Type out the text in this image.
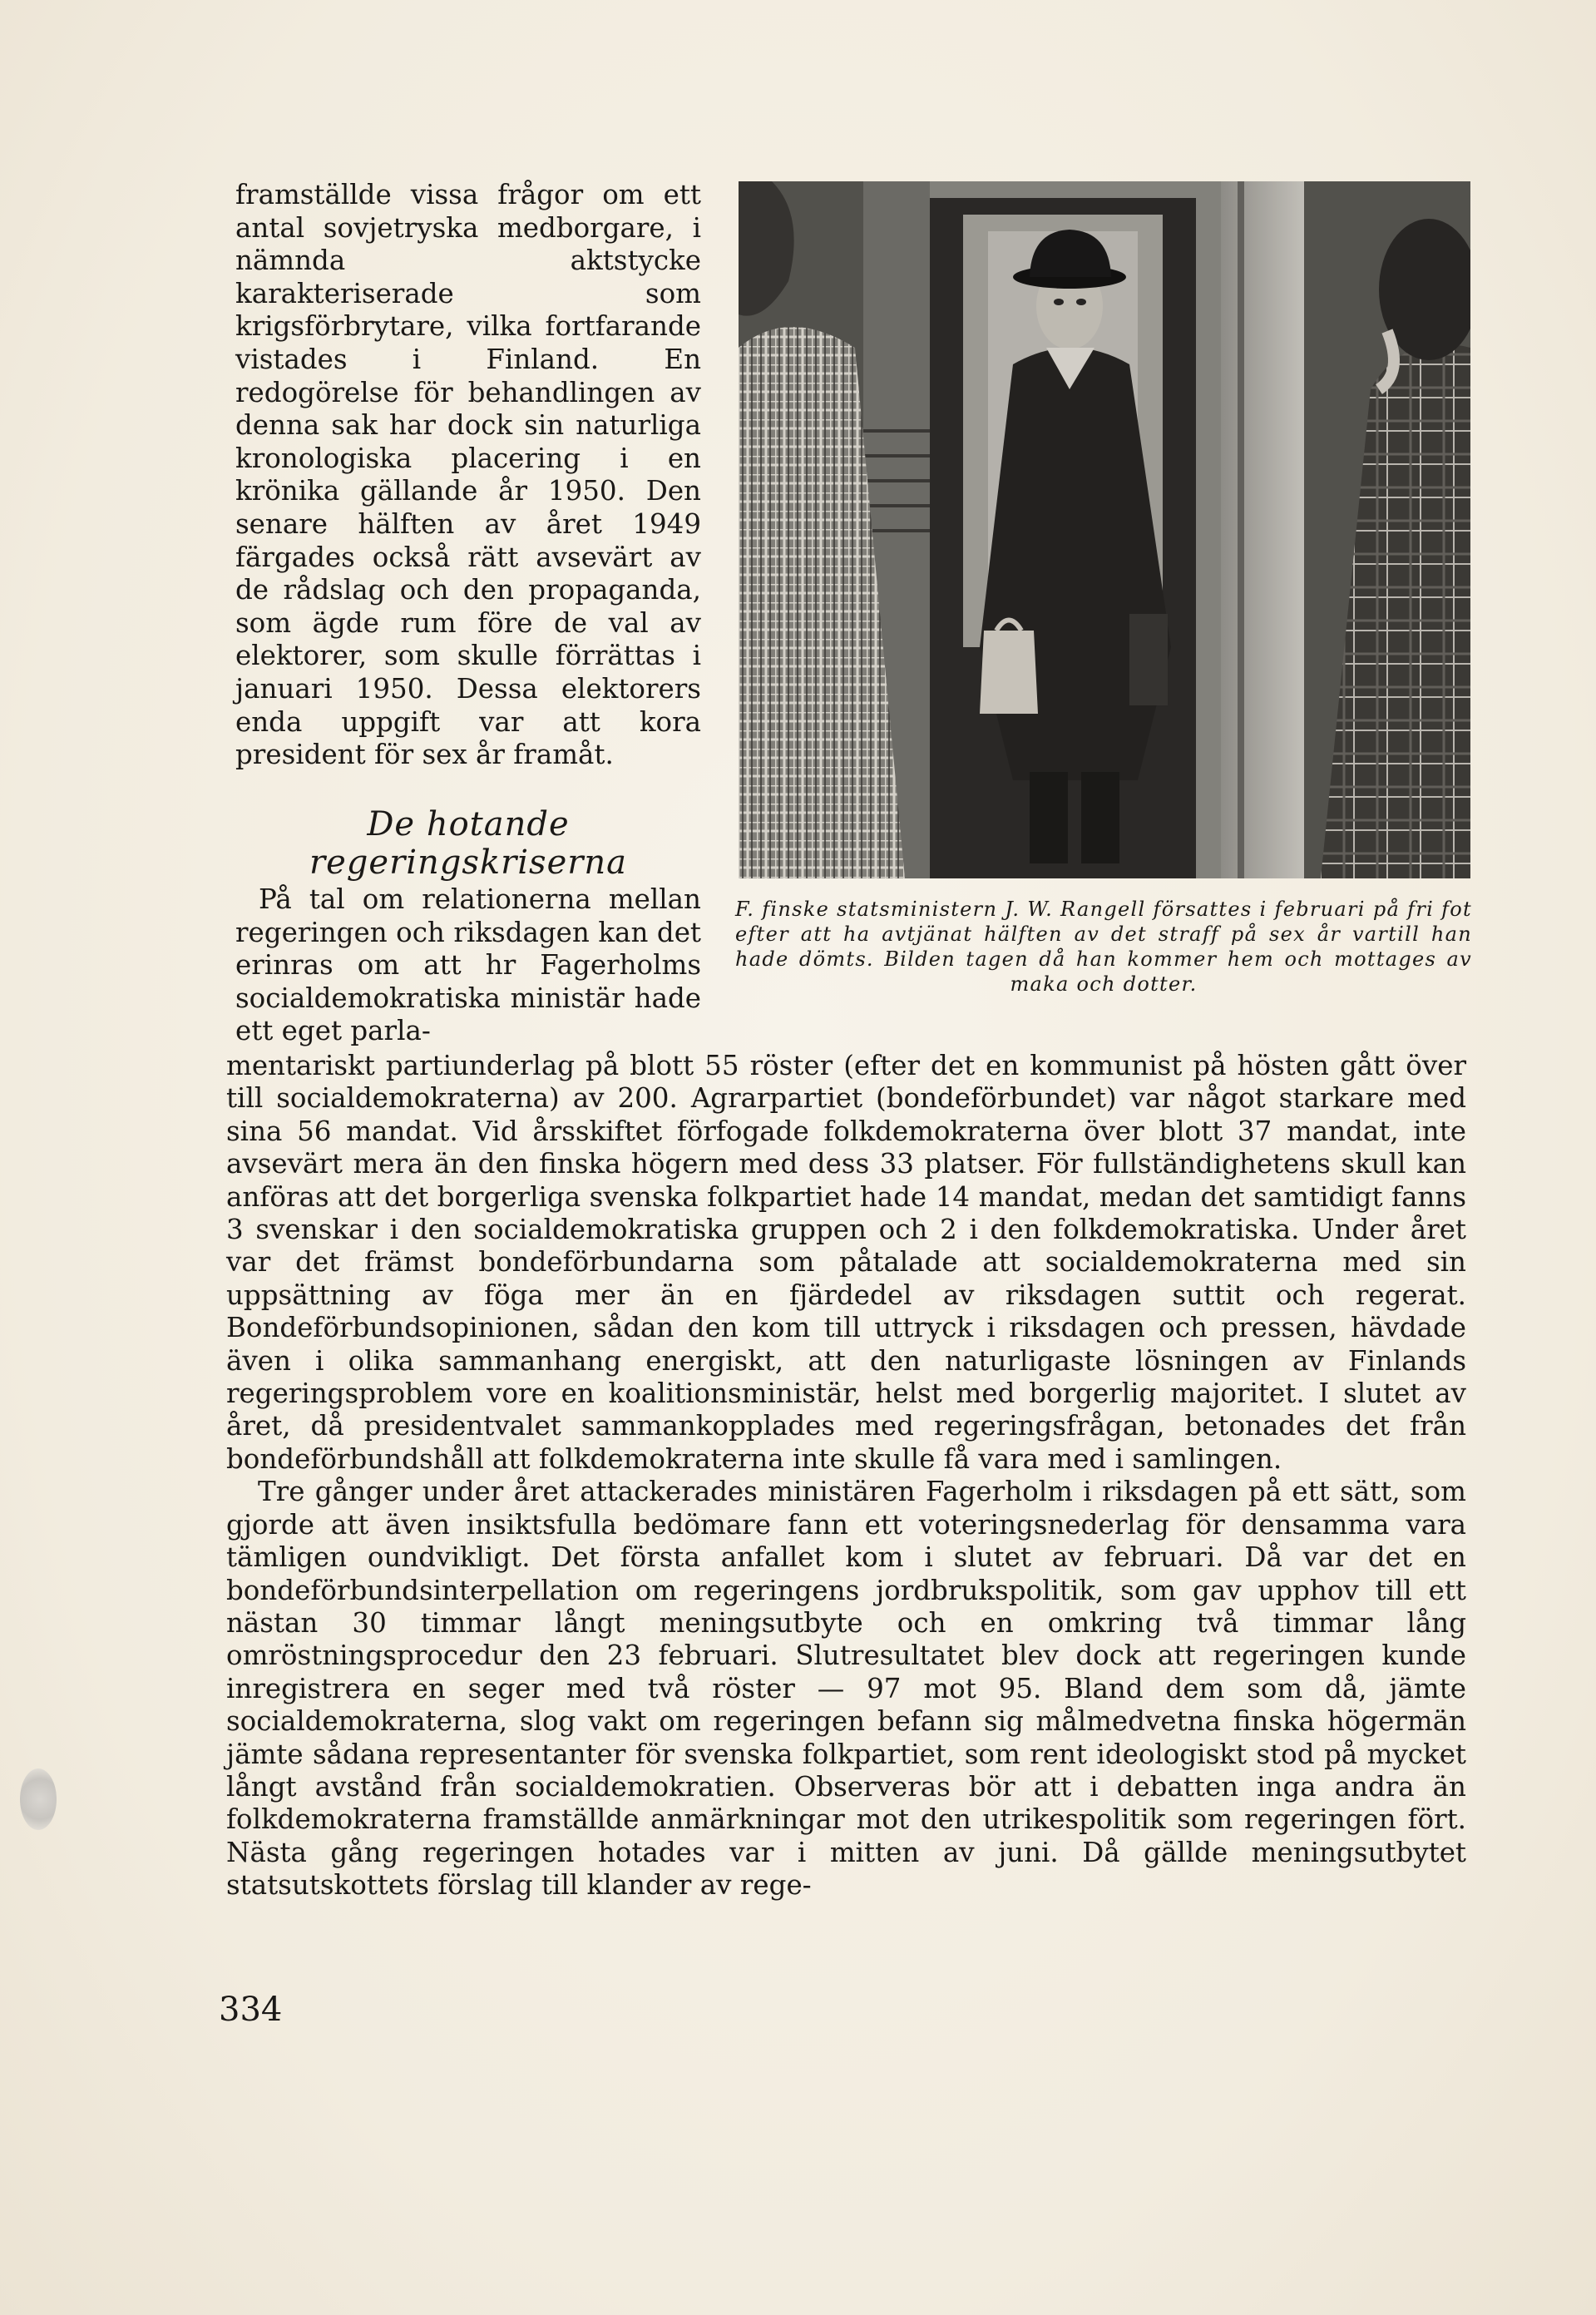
framställde vissa frågor om ett antal sovjetryska medborgare, i nämnda aktstycke karakteriserade som krigsförbrytare, vilka fortfarande vistades i Finland. En redogörelse för behandlingen av denna sak har dock sin naturliga kronologiska placering i en krönika gällande år 1950. Den senare hälften av året 1949 färgades också rätt avsevärt av de rådslag och den propaganda, som ägde rum före de val av elektorer, som skulle förrättas i januari 1950. Dessa elektorers enda uppgift var att kora president för sex år framåt.

De hotande
regeringskriserna

På tal om relationerna mellan regeringen och riksdagen kan det erinras om att hr Fagerholms socialdemokratiska ministär hade ett eget parla-

F. finske statsministern J. W. Rangell försattes i februari på fri fot efter att ha avtjänat hälften av det straff på sex år vartill han hade dömts. Bilden tagen då han kommer hem och mottages av maka och dotter.

mentariskt partiunderlag på blott 55 röster (efter det en kommunist på hösten gått över till socialdemokraterna) av 200. Agrarpartiet (bondeförbundet) var något starkare med sina 56 mandat. Vid årsskiftet förfogade folkdemokraterna över blott 37 mandat, inte avsevärt mera än den finska högern med dess 33 platser. För fullständighetens skull kan anföras att det borgerliga svenska folkpartiet hade 14 mandat, medan det samtidigt fanns 3 svenskar i den socialdemokratiska gruppen och 2 i den folkdemokratiska. Under året var det främst bondeförbundarna som påtalade att socialdemokraterna med sin uppsättning av föga mer än en fjärdedel av riksdagen suttit och regerat. Bondeförbundsopinionen, sådan den kom till uttryck i riksdagen och pressen, hävdade även i olika sammanhang energiskt, att den naturligaste lösningen av Finlands regeringsproblem vore en koalitionsministär, helst med borgerlig majoritet. I slutet av året, då presidentvalet sammankopplades med regeringsfrågan, betonades det från bondeförbundshåll att folkdemokraterna inte skulle få vara med i samlingen.

Tre gånger under året attackerades ministären Fagerholm i riksdagen på ett sätt, som gjorde att även insiktsfulla bedömare fann ett voteringsnederlag för densamma vara tämligen oundvikligt. Det första anfallet kom i slutet av februari. Då var det en bondeförbundsinterpellation om regeringens jordbrukspolitik, som gav upphov till ett nästan 30 timmar långt meningsutbyte och en omkring två timmar lång omröstningsprocedur den 23 februari. Slutresultatet blev dock att regeringen kunde inregistrera en seger med två röster — 97 mot 95. Bland dem som då, jämte socialdemokraterna, slog vakt om regeringen befann sig målmedvetna finska högermän jämte sådana representanter för svenska folkpartiet, som rent ideologiskt stod på mycket långt avstånd från socialdemokratien. Observeras bör att i debatten inga andra än folkdemokraterna framställde anmärkningar mot den utrikespolitik som regeringen fört. Nästa gång regeringen hotades var i mitten av juni. Då gällde meningsutbytet statsutskottets förslag till klander av rege-

334
